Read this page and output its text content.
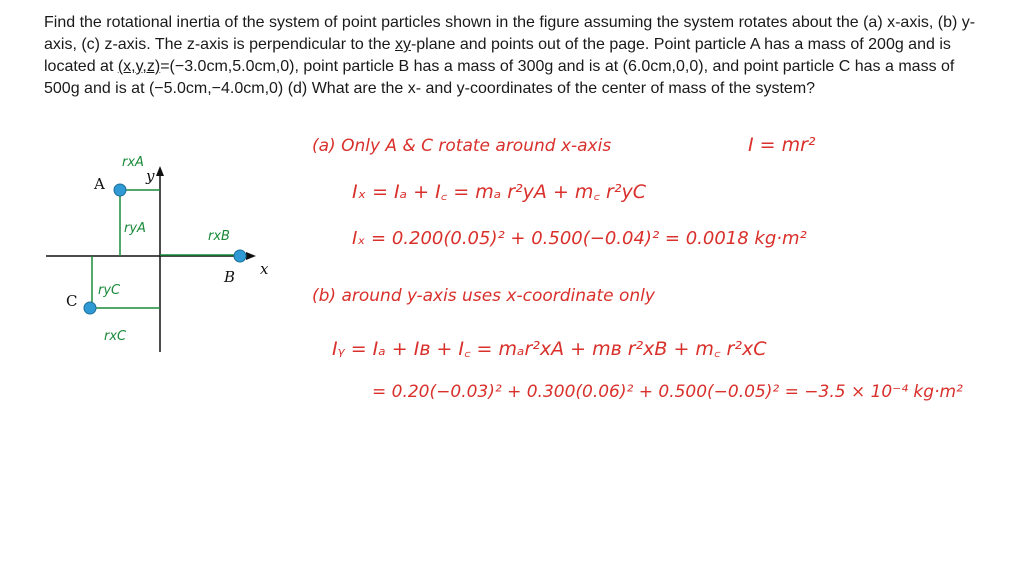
Find the rotational inertia of the system of point particles shown in the figure assuming the system rotates about the (a) x-axis, (b) y-axis, (c) z-axis. The z-axis is perpendicular to the xy-plane and points out of the page. Point particle A has a mass of 200g and is located at (x,y,z)=(−3.0cm,5.0cm,0), point particle B has a mass of 300g and is at (6.0cm,0,0), and point particle C has a mass of 500g and is at (−5.0cm,−4.0cm,0) (d) What are the x- and y-coordinates of the center of mass of the system?

A
B
C
x
y
rxA
ryA
rxB
ryC
rxC
(a) Only A & C rotate around x-axis	I = mr²
Iₓ = Iₐ + I꜀ = mₐ r²yA + m꜀ r²yC
Iₓ = 0.200(0.05)² + 0.500(−0.04)² = 0.0018 kg·m²
(b) around y-axis uses x-coordinate only
Iᵧ = Iₐ + Iʙ + I꜀ = mₐr²xA + mʙ r²xB + m꜀ r²xC
= 0.20(−0.03)² + 0.300(0.06)² + 0.500(−0.05)² = −3.5 × 10⁻⁴ kg·m²
